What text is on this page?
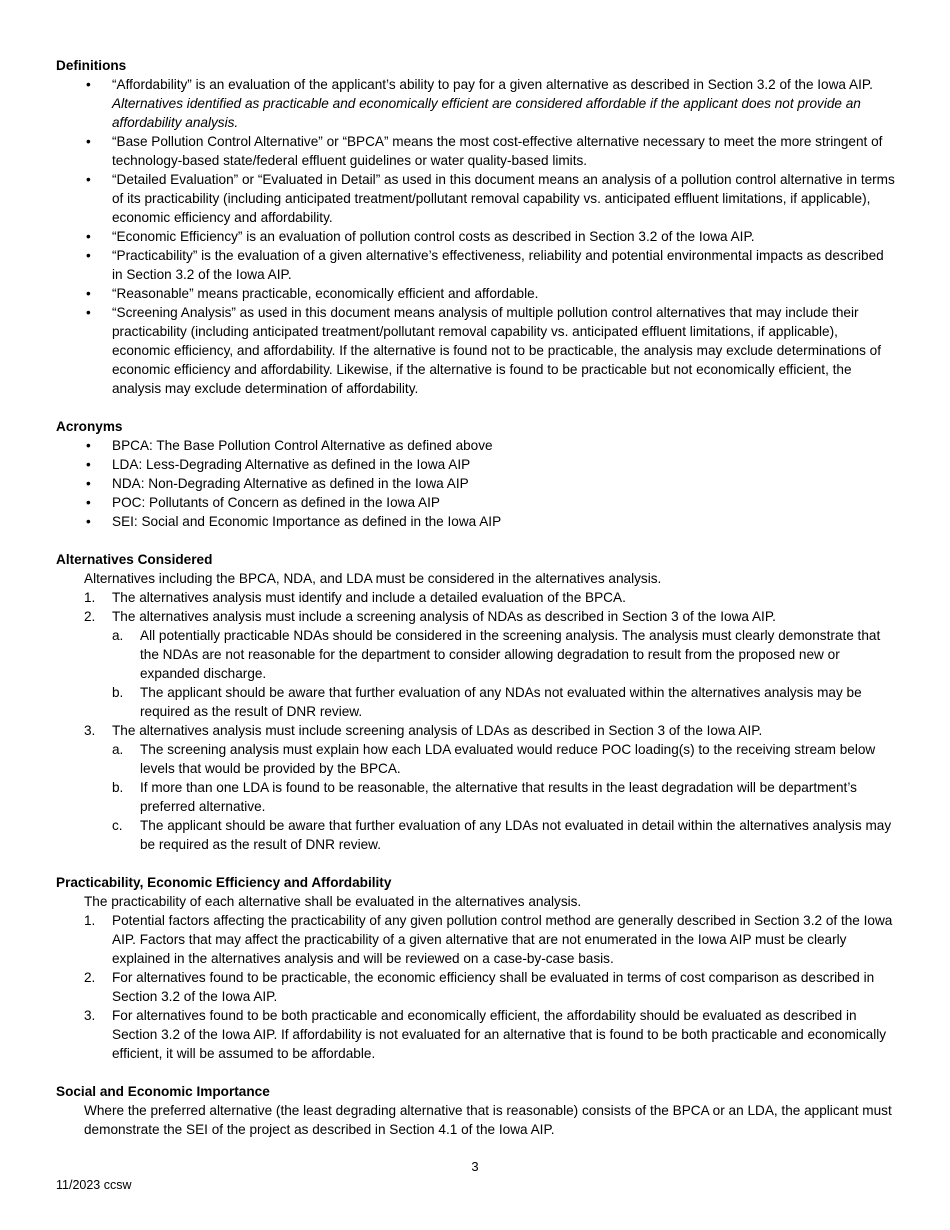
Definitions

• “Affordability” is an evaluation of the applicant’s ability to pay for a given alternative as described in Section 3.2 of the Iowa AIP. Alternatives identified as practicable and economically efficient are considered affordable if the applicant does not provide an affordability analysis.
• “Base Pollution Control Alternative” or “BPCA” means the most cost-effective alternative necessary to meet the more stringent of technology-based state/federal effluent guidelines or water quality-based limits.
• “Detailed Evaluation” or “Evaluated in Detail” as used in this document means an analysis of a pollution control alternative in terms of its practicability (including anticipated treatment/pollutant removal capability vs. anticipated effluent limitations, if applicable), economic efficiency and affordability.
• “Economic Efficiency” is an evaluation of pollution control costs as described in Section 3.2 of the Iowa AIP.
• “Practicability” is the evaluation of a given alternative’s effectiveness, reliability and potential environmental impacts as described in Section 3.2 of the Iowa AIP.
• “Reasonable” means practicable, economically efficient and affordable.
• “Screening Analysis” as used in this document means analysis of multiple pollution control alternatives that may include their practicability (including anticipated treatment/pollutant removal capability vs. anticipated effluent limitations, if applicable), economic efficiency, and affordability. If the alternative is found not to be practicable, the analysis may exclude determinations of economic efficiency and affordability. Likewise, if the alternative is found to be practicable but not economically efficient, the analysis may exclude determination of affordability.

Acronyms

• BPCA: The Base Pollution Control Alternative as defined above
• LDA: Less-Degrading Alternative as defined in the Iowa AIP
• NDA: Non-Degrading Alternative as defined in the Iowa AIP
• POC: Pollutants of Concern as defined in the Iowa AIP
• SEI: Social and Economic Importance as defined in the Iowa AIP

Alternatives Considered

Alternatives including the BPCA, NDA, and LDA must be considered in the alternatives analysis.
1. The alternatives analysis must identify and include a detailed evaluation of the BPCA.
2. The alternatives analysis must include a screening analysis of NDAs as described in Section 3 of the Iowa AIP.
a. All potentially practicable NDAs should be considered in the screening analysis. The analysis must clearly demonstrate that the NDAs are not reasonable for the department to consider allowing degradation to result from the proposed new or expanded discharge.
b. The applicant should be aware that further evaluation of any NDAs not evaluated within the alternatives analysis may be required as the result of DNR review.
3. The alternatives analysis must include screening analysis of LDAs as described in Section 3 of the Iowa AIP.
a. The screening analysis must explain how each LDA evaluated would reduce POC loading(s) to the receiving stream below levels that would be provided by the BPCA.
b. If more than one LDA is found to be reasonable, the alternative that results in the least degradation will be department’s preferred alternative.
c. The applicant should be aware that further evaluation of any LDAs not evaluated in detail within the alternatives analysis may be required as the result of DNR review.

Practicability, Economic Efficiency and Affordability

The practicability of each alternative shall be evaluated in the alternatives analysis.
1. Potential factors affecting the practicability of any given pollution control method are generally described in Section 3.2 of the Iowa AIP. Factors that may affect the practicability of a given alternative that are not enumerated in the Iowa AIP must be clearly explained in the alternatives analysis and will be reviewed on a case-by-case basis.
2. For alternatives found to be practicable, the economic efficiency shall be evaluated in terms of cost comparison as described in Section 3.2 of the Iowa AIP.
3. For alternatives found to be both practicable and economically efficient, the affordability should be evaluated as described in Section 3.2 of the Iowa AIP. If affordability is not evaluated for an alternative that is found to be both practicable and economically efficient, it will be assumed to be affordable.

Social and Economic Importance

Where the preferred alternative (the least degrading alternative that is reasonable) consists of the BPCA or an LDA, the applicant must demonstrate the SEI of the project as described in Section 4.1 of the Iowa AIP.
3
11/2023 ccsw
